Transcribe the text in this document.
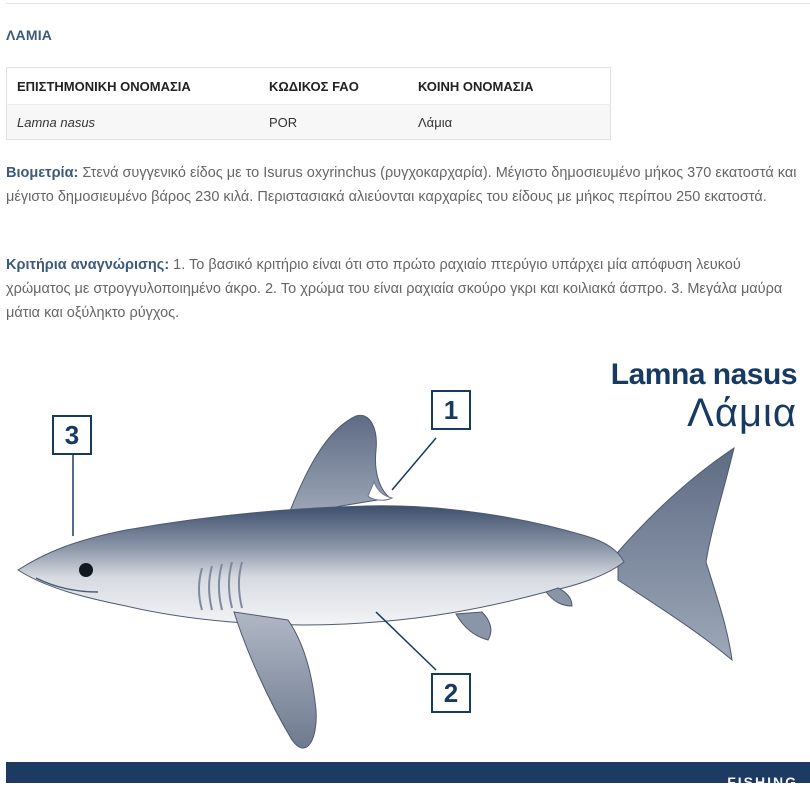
ΛΑΜΙΑ
ΕΠΙΣΤΗΜΟΝΙΚΗ ΟΝΟΜΑΣΙΑ	ΚΩΔΙΚΟΣ FAO	ΚΟΙΝΗ ΟΝΟΜΑΣΙΑ
Lamna nasus	POR	Λάμια

Βιομετρία: Στενά συγγενικό είδος με το Isurus oxyrinchus (ρυγχοκαρχαρία). Μέγιστο δημοσιευμένο μήκος 370 εκατοστά και μέγιστο δημοσιευμένο βάρος 230 κιλά. Περιστασιακά αλιεύονται καρχαρίες του είδους με μήκος περίπου 250 εκατοστά.

Κριτήρια αναγνώρισης: 1. Το βασικό κριτήριο είναι ότι στο πρώτο ραχιαίο πτερύγιο υπάρχει μία απόφυση λευκού χρώματος με στρογγυλοποιημένο άκρο. 2. Το χρώμα του είναι ραχιαία σκούρο γκρι και κοιλιακά άσπρο. 3. Μεγάλα μαύρα μάτια και οξύληκτο ρύγχος.

1
2
3
Lamna nasus
Λάμια
FISHING
